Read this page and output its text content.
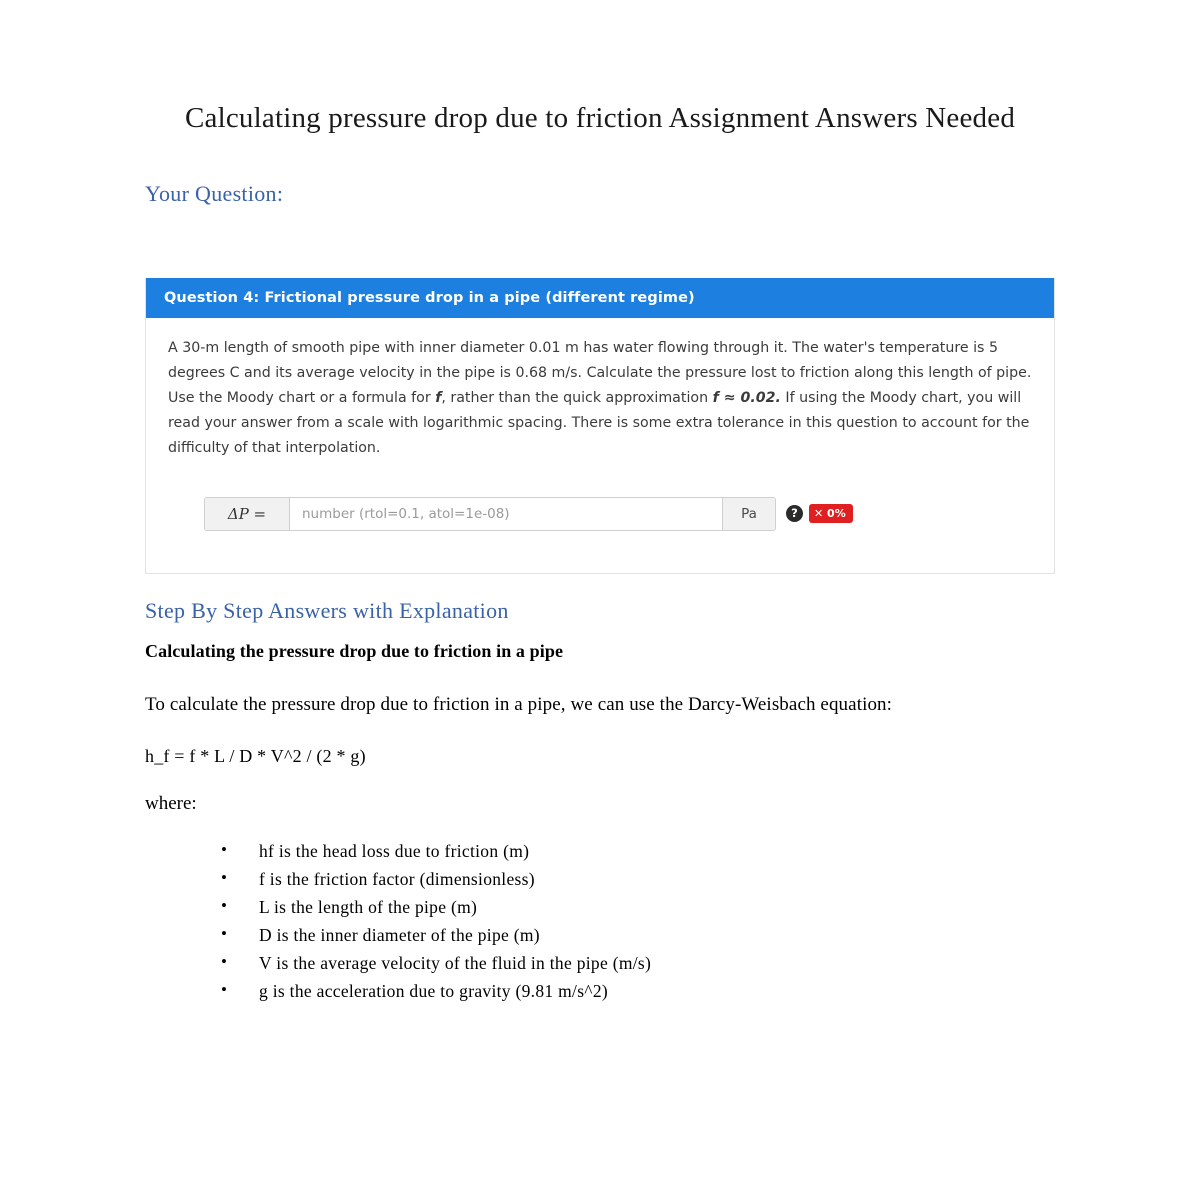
Calculating pressure drop due to friction Assignment Answers Needed
Your Question:
Question 4: Frictional pressure drop in a pipe (different regime)

A 30-m length of smooth pipe with inner diameter 0.01 m has water flowing through it. The water's temperature is 5 degrees C and its average velocity in the pipe is 0.68 m/s. Calculate the pressure lost to friction along this length of pipe. Use the Moody chart or a formula for f, rather than the quick approximation f ≈ 0.02. If using the Moody chart, you will read your answer from a scale with logarithmic spacing. There is some extra tolerance in this question to account for the difficulty of that interpolation.

ΔP =	number (rtol=0.1, atol=1e-08)	Pa	?	✕ 0%
Step By Step Answers with Explanation

Calculating the pressure drop due to friction in a pipe

To calculate the pressure drop due to friction in a pipe, we can use the Darcy-Weisbach equation:

h_f = f * L / D * V^2 / (2 * g)

where:

• hf is the head loss due to friction (m)
• f is the friction factor (dimensionless)
• L is the length of the pipe (m)
• D is the inner diameter of the pipe (m)
• V is the average velocity of the fluid in the pipe (m/s)
• g is the acceleration due to gravity (9.81 m/s^2)
